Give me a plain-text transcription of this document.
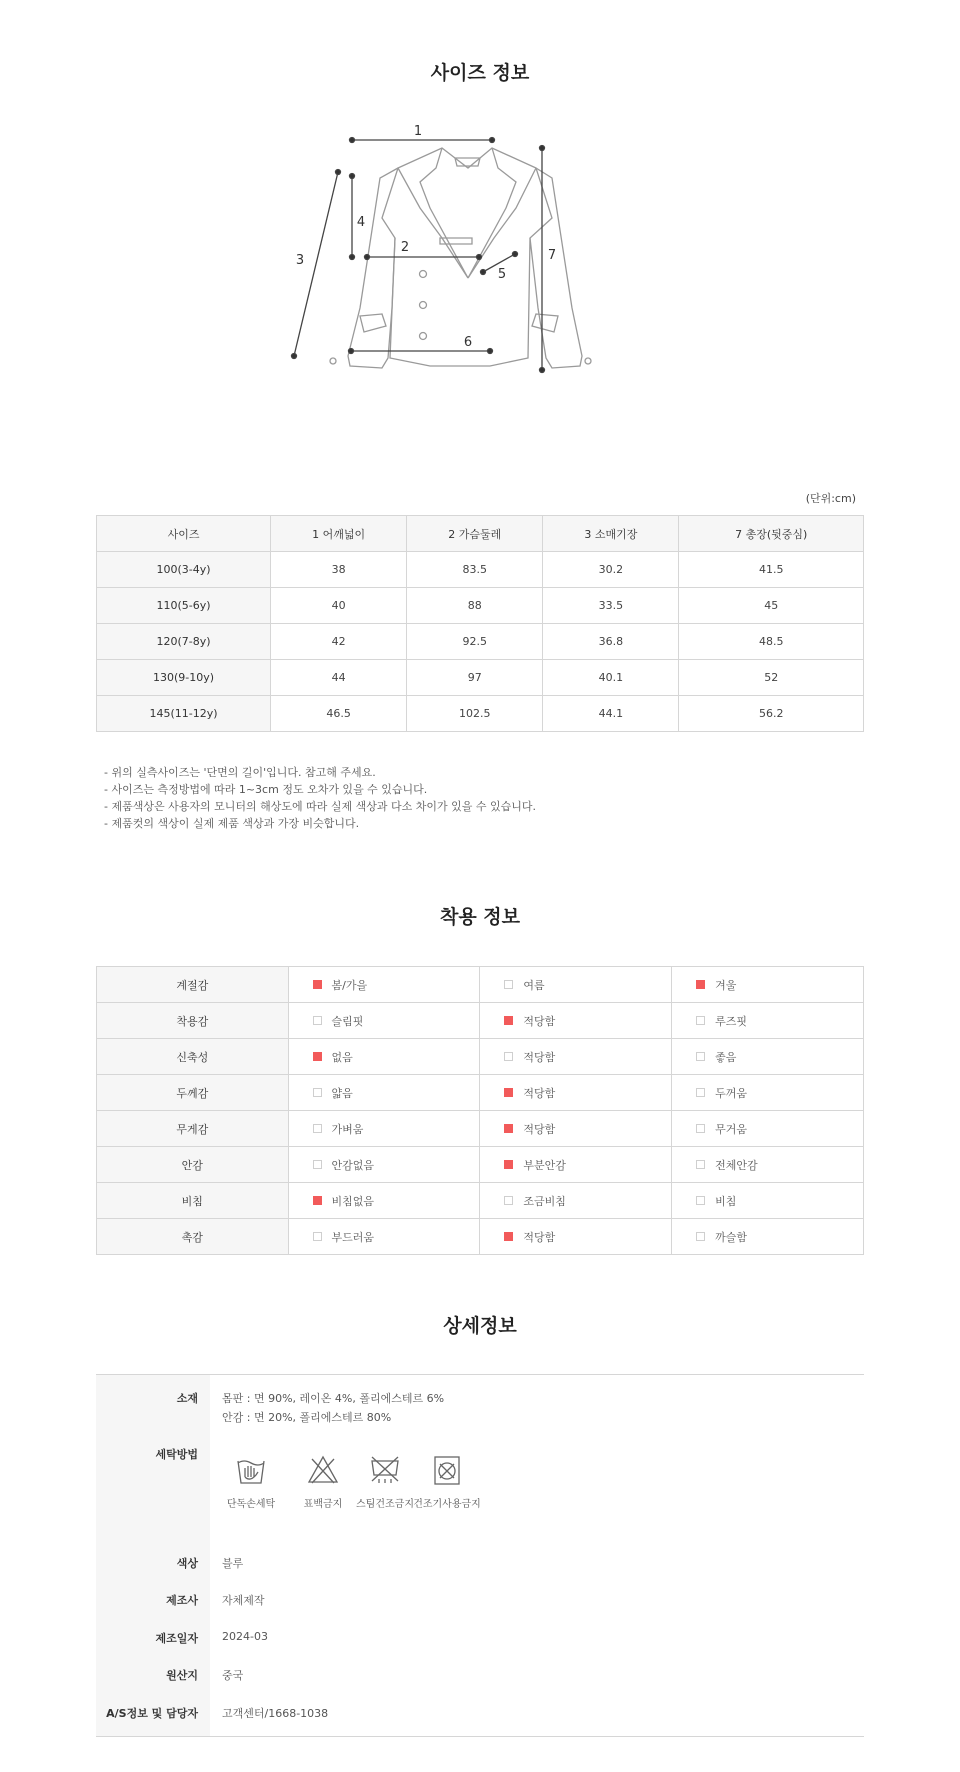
사이즈 정보
1
2
3
4
5
6
7
(단위:cm)
사이즈	1 어깨넓이	2 가슴둘레	3 소매기장	7 총장(뒷중심)
100(3-4y)	38	83.5	30.2	41.5
110(5-6y)	40	88	33.5	45
120(7-8y)	42	92.5	36.8	48.5
130(9-10y)	44	97	40.1	52
145(11-12y)	46.5	102.5	44.1	56.2
- 위의 실측사이즈는 '단면의 길이'입니다. 참고해 주세요.
- 사이즈는 측정방법에 따라 1~3cm 정도 오차가 있을 수 있습니다.
- 제품색상은 사용자의 모니터의 해상도에 따라 실제 색상과 다소 차이가 있을 수 있습니다.
- 제품컷의 색상이 실제 제품 색상과 가장 비슷합니다.
착용 정보
계절감	봄/가을	여름	겨울
착용감	슬림핏	적당함	루즈핏
신축성	없음	적당함	좋음
두께감	얇음	적당함	두꺼움
무게감	가벼움	적당함	무거움
안감	안감없음	부분안감	전체안감
비침	비침없음	조금비침	비침
촉감	부드러움	적당함	까슬함
상세정보
소재 몸판 : 면 90%, 레이온 4%, 폴리에스테르 6%
안감 : 면 20%, 폴리에스테르 80%
세탁방법
단독손세탁	표백금지	스팀건조금지 건조기사용금지
색상 블루
제조사 자체제작
제조일자 2024-03
원산지 중국
A/S정보 및 담당자 고객센터/1668-1038
